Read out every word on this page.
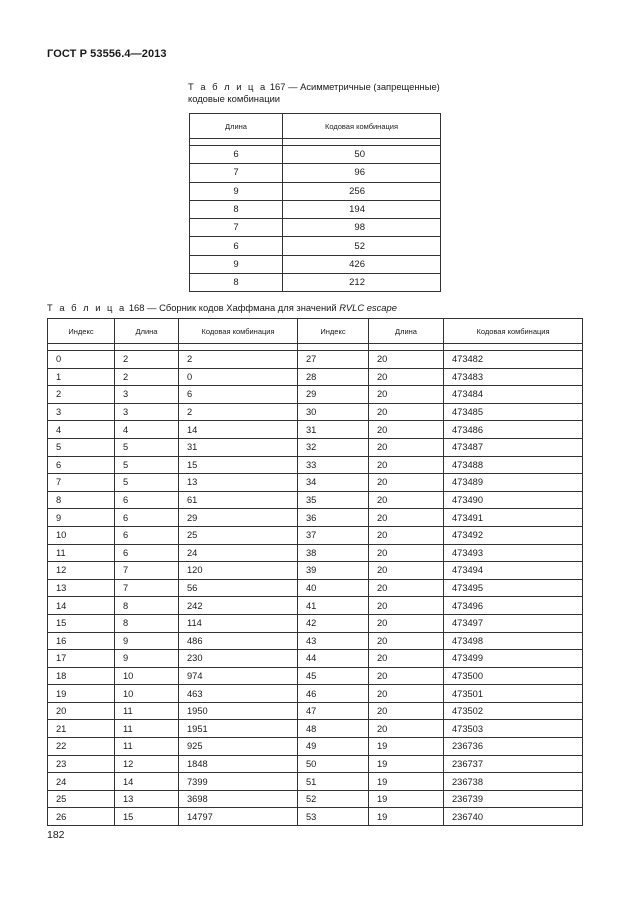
ГОСТ Р 53556.4—2013
Т а б л и ц а 167 — Асимметричные (запрещенные)
кодовые комбинации
Длина	Кодовая комбинация

6	50
7	96
9	256
8	194
7	98
6	52
9	426
8	212
Т а б л и ц а 168 — Сборник кодов Хаффмана для значений RVLC escape
Индекс	Длина	Кодовая комбинация	Индекс	Длина	Кодовая комбинация

0	2	2	27	20	473482
1	2	0	28	20	473483
2	3	6	29	20	473484
3	3	2	30	20	473485
4	4	14	31	20	473486
5	5	31	32	20	473487
6	5	15	33	20	473488
7	5	13	34	20	473489
8	6	61	35	20	473490
9	6	29	36	20	473491
10	6	25	37	20	473492
11	6	24	38	20	473493
12	7	120	39	20	473494
13	7	56	40	20	473495
14	8	242	41	20	473496
15	8	114	42	20	473497
16	9	486	43	20	473498
17	9	230	44	20	473499
18	10	974	45	20	473500
19	10	463	46	20	473501
20	11	1950	47	20	473502
21	11	1951	48	20	473503
22	11	925	49	19	236736
23	12	1848	50	19	236737
24	14	7399	51	19	236738
25	13	3698	52	19	236739
26	15	14797	53	19	236740
182
